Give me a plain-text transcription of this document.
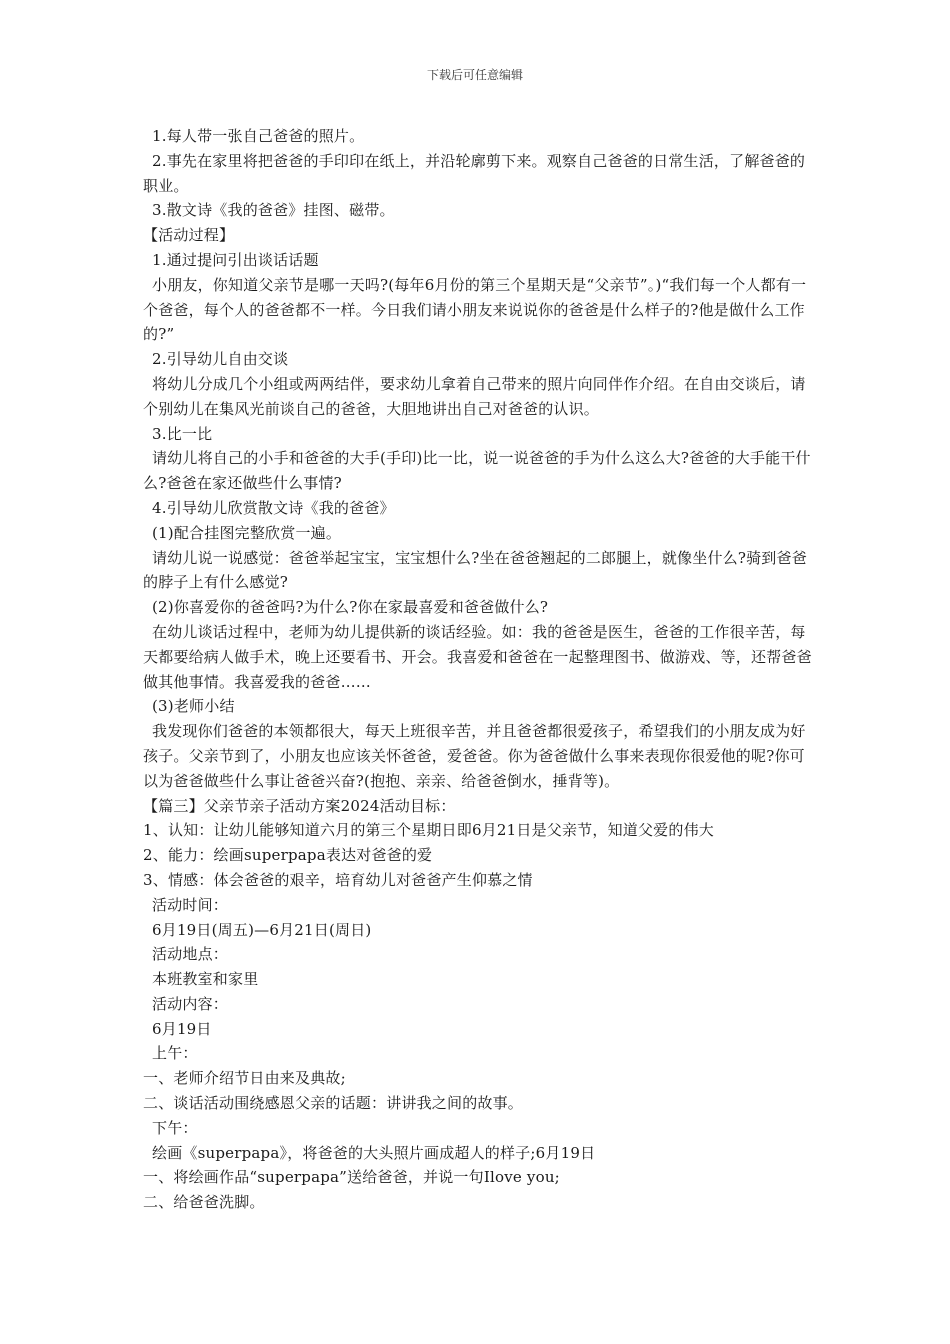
下载后可任意编辑

1.每人带一张自己爸爸的照片。

2.事先在家里将把爸爸的手印印在纸上，并沿轮廓剪下来。观察自己爸爸的日常生活，了解爸爸的职业。

3.散文诗《我的爸爸》挂图、磁带。

【活动过程】

1.通过提问引出谈话话题

小朋友，你知道父亲节是哪一天吗?(每年6月份的第三个星期天是“父亲节”。)“我们每一个人都有一个爸爸，每个人的爸爸都不一样。今日我们请小朋友来说说你的爸爸是什么样子的?他是做什么工作的?”

2.引导幼儿自由交谈

将幼儿分成几个小组或两两结伴，要求幼儿拿着自己带来的照片向同伴作介绍。在自由交谈后，请个别幼儿在集风光前谈自己的爸爸，大胆地讲出自己对爸爸的认识。

3.比一比

请幼儿将自己的小手和爸爸的大手(手印)比一比，说一说爸爸的手为什么这么大?爸爸的大手能干什么?爸爸在家还做些什么事情?

4.引导幼儿欣赏散文诗《我的爸爸》

(1)配合挂图完整欣赏一遍。

请幼儿说一说感觉：爸爸举起宝宝，宝宝想什么?坐在爸爸翘起的二郎腿上，就像坐什么?骑到爸爸的脖子上有什么感觉?

(2)你喜爱你的爸爸吗?为什么?你在家最喜爱和爸爸做什么?

在幼儿谈话过程中，老师为幼儿提供新的谈话经验。如：我的爸爸是医生，爸爸的工作很辛苦，每天都要给病人做手术，晚上还要看书、开会。我喜爱和爸爸在一起整理图书、做游戏、等，还帮爸爸做其他事情。我喜爱我的爸爸……

(3)老师小结

我发现你们爸爸的本领都很大，每天上班很辛苦，并且爸爸都很爱孩子，希望我们的小朋友成为好孩子。父亲节到了，小朋友也应该关怀爸爸，爱爸爸。你为爸爸做什么事来表现你很爱他的呢?你可以为爸爸做些什么事让爸爸兴奋?(抱抱、亲亲、给爸爸倒水，捶背等)。

【篇三】父亲节亲子活动方案2024活动目标：

1、认知：让幼儿能够知道六月的第三个星期日即6月21日是父亲节，知道父爱的伟大

2、能力：绘画superpapa表达对爸爸的爱

3、情感：体会爸爸的艰辛，培育幼儿对爸爸产生仰慕之情

活动时间：

6月19日(周五)—6月21日(周日)

活动地点：

本班教室和家里

活动内容：

6月19日

上午：

一、老师介绍节日由来及典故;

二、谈话活动围绕感恩父亲的话题：讲讲我之间的故事。

下午：

绘画《superpapa》，将爸爸的大头照片画成超人的样子;6月19日

一、将绘画作品“superpapa”送给爸爸，并说一句Ilove you;

二、给爸爸洗脚。
